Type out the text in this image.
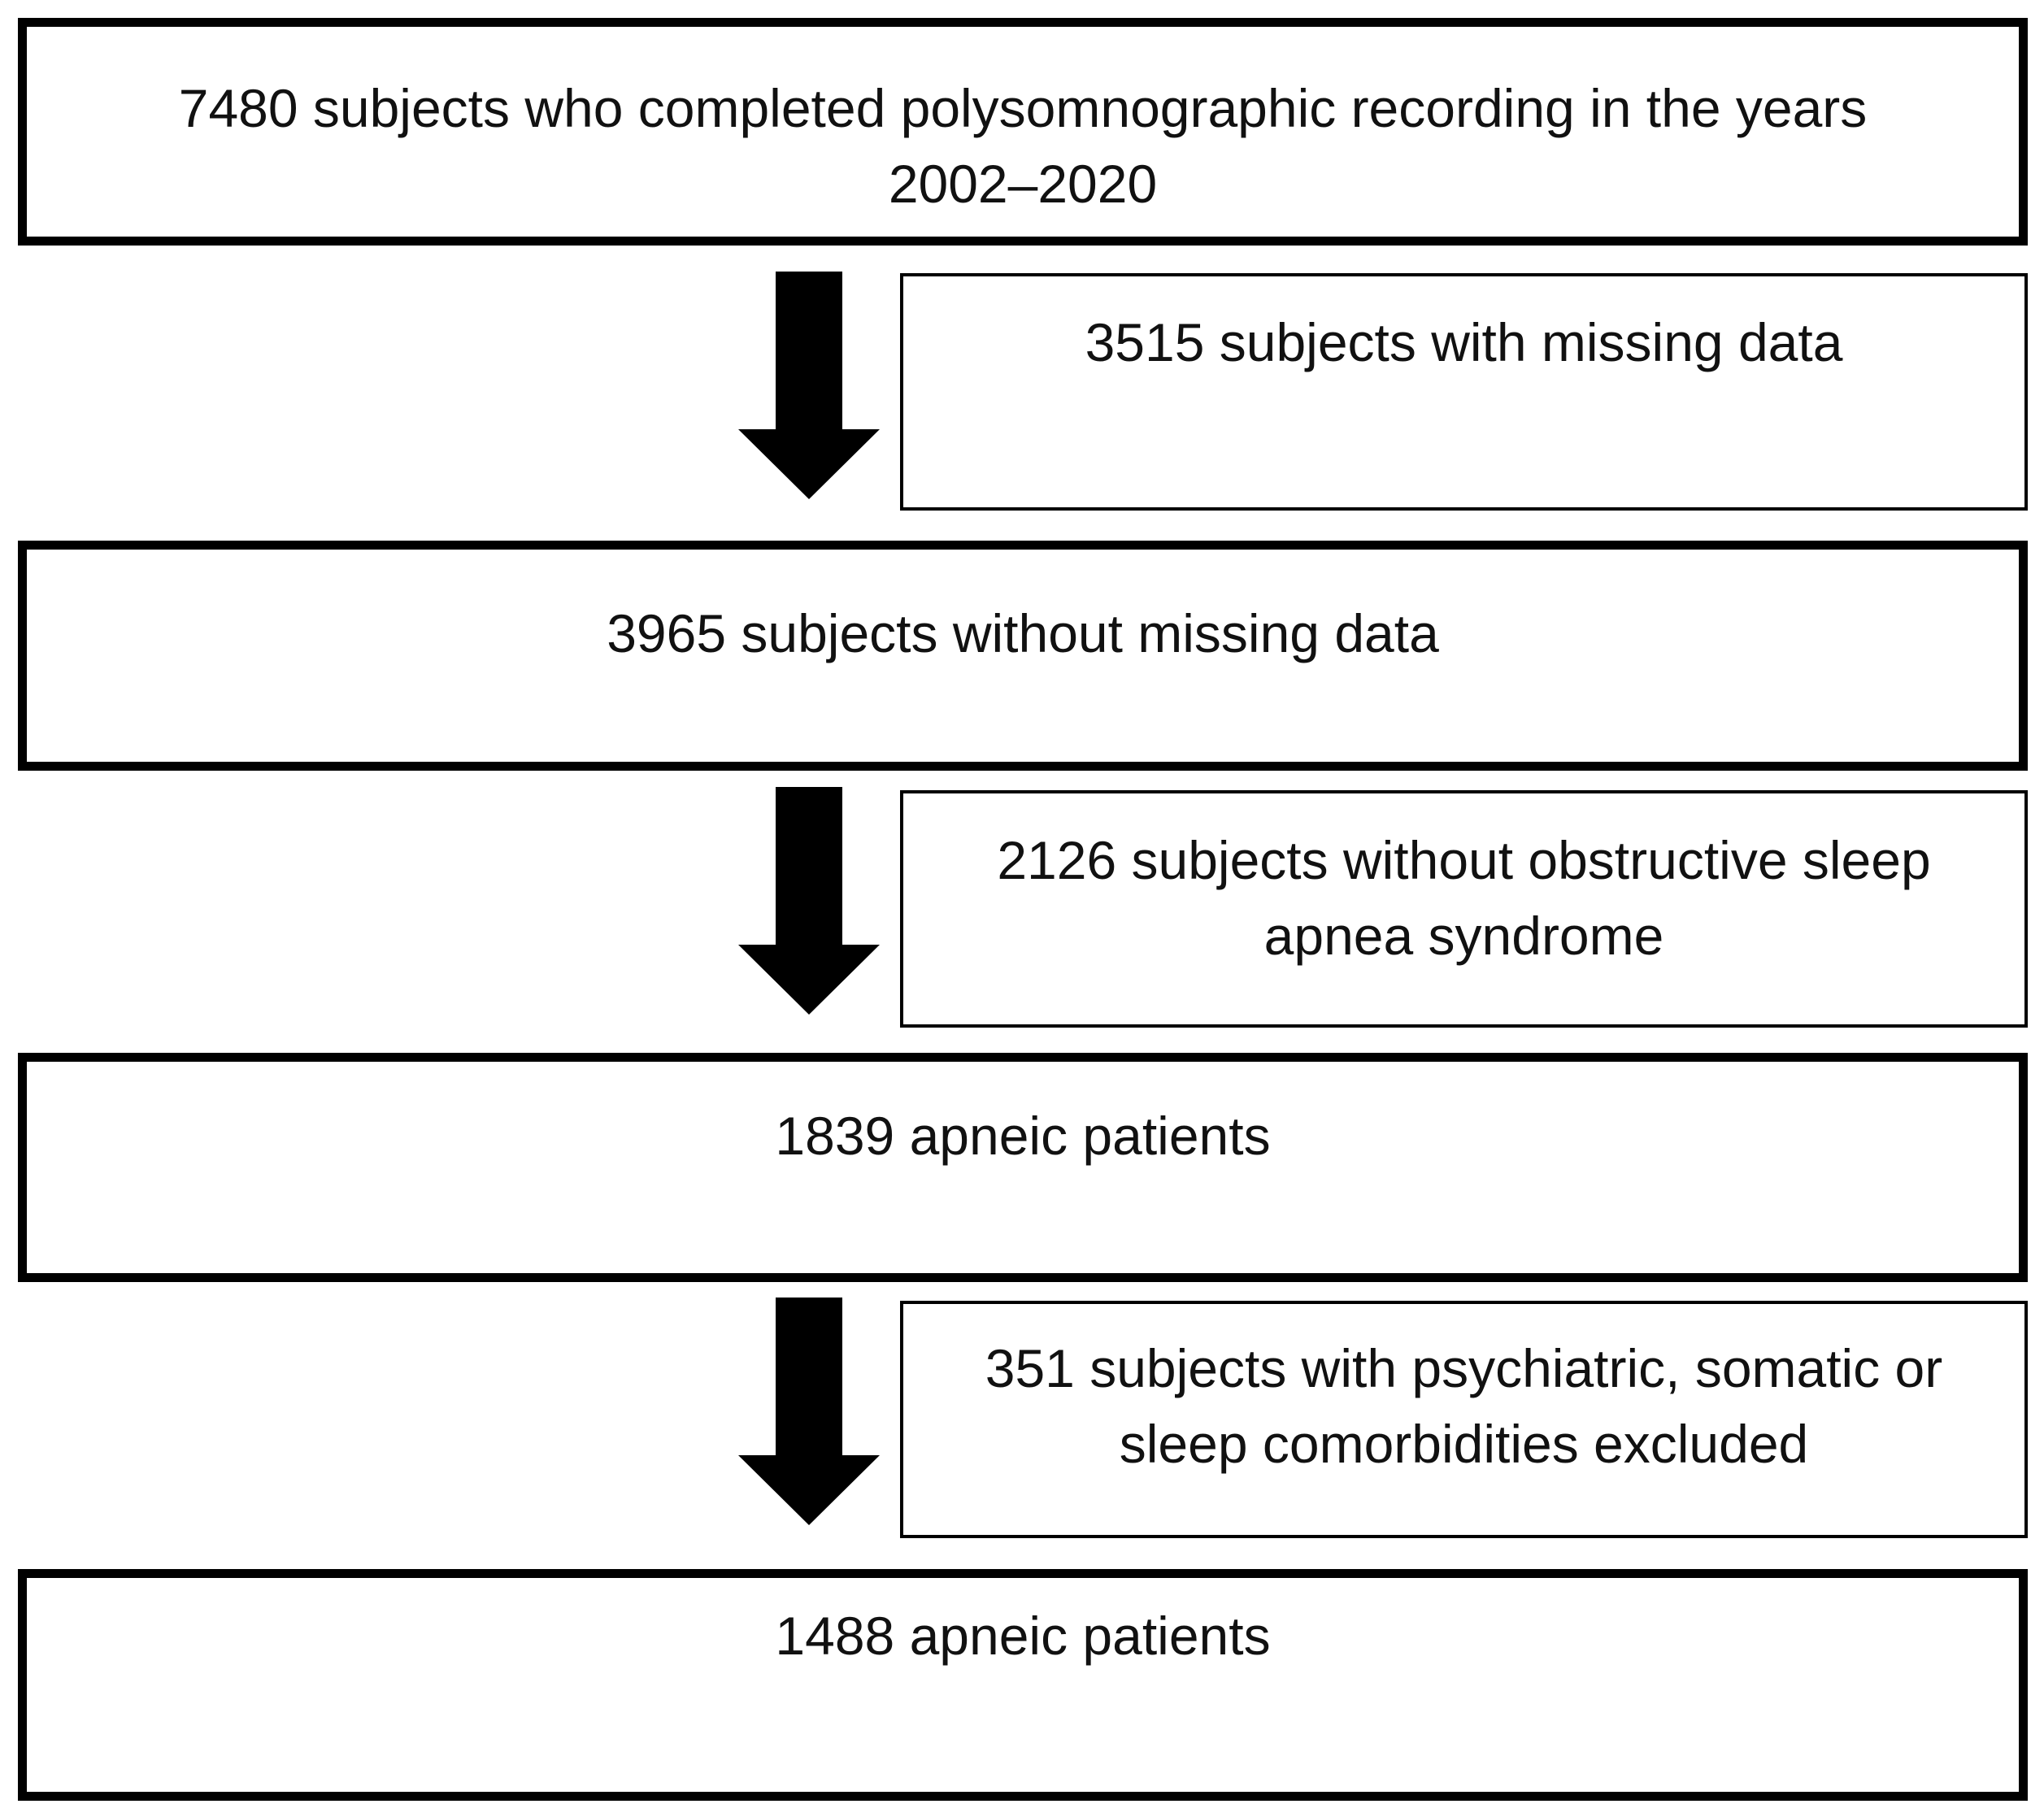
7480 subjects who completed polysomnographic recording in the years
2002–2020
3515 subjects with missing data
3965 subjects without missing data
2126 subjects without obstructive sleep
apnea syndrome
1839 apneic patients
351 subjects with psychiatric, somatic or
sleep comorbidities excluded
1488 apneic patients
